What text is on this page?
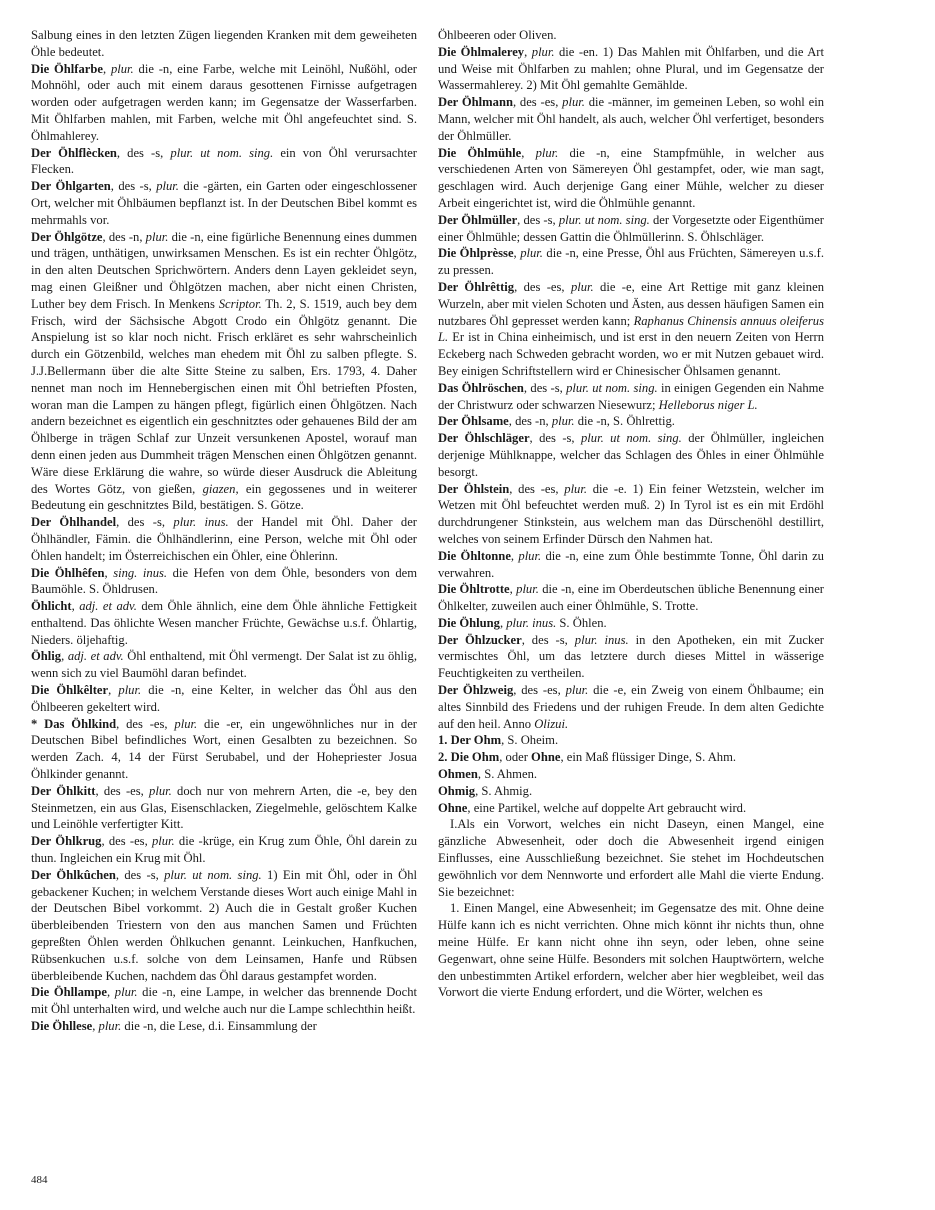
Salbung eines in den letzten Zügen liegenden Kranken mit dem geweiheten Öhle bedeutet.

Die Öhlfarbe, plur. die -n, eine Farbe, welche mit Leinöhl, Nußöhl, oder Mohnöhl, oder auch mit einem daraus gesottenen Firnisse aufgetragen worden oder aufgetragen werden kann; im Gegensatze der Wasserfarben. Mit Öhlfarben mahlen, mit Farben, welche mit Öhl angefeuchtet sind. S. Öhlmahlerey.

Der Öhlflècken, des -s, plur. ut nom. sing. ein von Öhl verursachter Flecken.

Der Öhlgarten, des -s, plur. die -gärten, ein Garten oder eingeschlossener Ort, welcher mit Öhlbäumen bepflanzt ist. In der Deutschen Bibel kommt es mehrmahls vor.

Der Öhlgötze, des -n, plur. die -n, eine figürliche Benennung eines dummen und trägen, unthätigen, unwirksamen Menschen. Es ist ein rechter Öhlgötz, in den alten Deutschen Sprichwörtern. Anders denn Layen gekleidet seyn, mag einen Gleißner und Öhlgötzen machen, aber nicht einen Christen, Luther bey dem Frisch. In Menkens Scriptor. Th. 2, S. 1519, auch bey dem Frisch, wird der Sächsische Abgott Crodo ein Öhlgötz genannt. Die Anspielung ist so klar noch nicht. Frisch erkläret es sehr wahrscheinlich durch ein Götzenbild, welches man ehedem mit Öhl zu salben pflegte. S. J.J.Bellermann über die alte Sitte Steine zu salben, Ers. 1793, 4. Daher nennet man noch im Hennebergischen einen mit Öhl betrieften Pfosten, woran man die Lampen zu hängen pflegt, figürlich einen Öhlgötzen. Nach andern bezeichnet es eigentlich ein geschnitztes oder gehauenes Bild der am Öhlberge in trägen Schlaf zur Unzeit versunkenen Apostel, worauf man denn einen jeden aus Dummheit trägen Menschen einen Öhlgötzen genannt. Wäre diese Erklärung die wahre, so würde dieser Ausdruck die Ableitung des Wortes Götz, von gießen, giazen, ein gegossenes und in weiterer Bedeutung ein geschnitztes Bild, bestätigen. S. Götze.

Der Öhlhandel, des -s, plur. inus. der Handel mit Öhl. Daher der Öhlhändler, Fämin. die Öhlhändlerinn, eine Person, welche mit Öhl oder Öhlen handelt; im Österreichischen ein Öhler, eine Öhlerinn.

Die Öhlhêfen, sing. inus. die Hefen von dem Öhle, besonders von dem Baumöhle. S. Öhldrusen.

Öhlicht, adj. et adv. dem Öhle ähnlich, eine dem Öhle ähnliche Fettigkeit enthaltend. Das öhlichte Wesen mancher Früchte, Gewächse u.s.f. Öhlartig, Nieders. öljehaftig.

Öhlig, adj. et adv. Öhl enthaltend, mit Öhl vermengt. Der Salat ist zu öhlig, wenn sich zu viel Baumöhl daran befindet.

Die Öhlkêlter, plur. die -n, eine Kelter, in welcher das Öhl aus den Öhlbeeren gekeltert wird.

* Das Öhlkind, des -es, plur. die -er, ein ungewöhnliches nur in der Deutschen Bibel befindliches Wort, einen Gesalbten zu bezeichnen. So werden Zach. 4, 14 der Fürst Serubabel, und der Hohepriester Josua Öhlkinder genannt.

Der Öhlkitt, des -es, plur. doch nur von mehrern Arten, die -e, bey den Steinmetzen, ein aus Glas, Eisenschlacken, Ziegelmehle, gelöschtem Kalke und Leinöhle verfertigter Kitt.

Der Öhlkrug, des -es, plur. die -krüge, ein Krug zum Öhle, Öhl darein zu thun. Ingleichen ein Krug mit Öhl.

Der Öhlkûchen, des -s, plur. ut nom. sing. 1) Ein mit Öhl, oder in Öhl gebackener Kuchen; in welchem Verstande dieses Wort auch einige Mahl in der Deutschen Bibel vorkommt. 2) Auch die in Gestalt großer Kuchen überbleibenden Triestern von den aus manchen Samen und Früchten gepreßten Öhlen werden Öhlkuchen genannt. Leinkuchen, Hanfkuchen, Rübsenkuchen u.s.f. solche von dem Leinsamen, Hanfe und Rübsen überbleibende Kuchen, nachdem das Öhl daraus gestampfet worden.

Die Öhllampe, plur. die -n, eine Lampe, in welcher das brennende Docht mit Öhl unterhalten wird, und welche auch nur die Lampe schlechthin heißt.

Die Öhllese, plur. die -n, die Lese, d.i. Einsammlung der

Öhlbeeren oder Oliven.

Die Öhlmalerey, plur. die -en. 1) Das Mahlen mit Öhlfarben, und die Art und Weise mit Öhlfarben zu mahlen; ohne Plural, und im Gegensatze der Wassermahlerey. 2) Mit Öhl gemahlte Gemählde.

Der Öhlmann, des -es, plur. die -männer, im gemeinen Leben, so wohl ein Mann, welcher mit Öhl handelt, als auch, welcher Öhl verfertiget, besonders der Öhlmüller.

Die Öhlmühle, plur. die -n, eine Stampfmühle, in welcher aus verschiedenen Arten von Sämereyen Öhl gestampfet, oder, wie man sagt, geschlagen wird. Auch derjenige Gang einer Mühle, welcher zu dieser Arbeit eingerichtet ist, wird die Öhlmühle genannt.

Der Öhlmüller, des -s, plur. ut nom. sing. der Vorgesetzte oder Eigenthümer einer Öhlmühle; dessen Gattin die Öhlmüllerinn. S. Öhlschläger.

Die Öhlprèsse, plur. die -n, eine Presse, Öhl aus Früchten, Sämereyen u.s.f. zu pressen.

Der Öhlrêttig, des -es, plur. die -e, eine Art Rettige mit ganz kleinen Wurzeln, aber mit vielen Schoten und Ästen, aus dessen häufigen Samen ein nutzbares Öhl gepresset werden kann; Raphanus Chinensis annuus oleiferus L. Er ist in China einheimisch, und ist erst in den neuern Zeiten von Herrn Eckeberg nach Schweden gebracht worden, wo er mit Nutzen gebauet wird. Bey einigen Schriftstellern wird er Chinesischer Öhlsamen genannt.

Das Öhlröschen, des -s, plur. ut nom. sing. in einigen Gegenden ein Nahme der Christwurz oder schwarzen Niesewurz; Helleborus niger L.

Der Öhlsame, des -n, plur. die -n, S. Öhlrettig.

Der Öhlschläger, des -s, plur. ut nom. sing. der Öhlmüller, ingleichen derjenige Mühlknappe, welcher das Schlagen des Öhles in einer Öhlmühle besorgt.

Der Öhlstein, des -es, plur. die -e. 1) Ein feiner Wetzstein, welcher im Wetzen mit Öhl befeuchtet werden muß. 2) In Tyrol ist es ein mit Erdöhl durchdrungener Stinkstein, aus welchem man das Dürschenöhl destillirt, welches von seinem Erfinder Dürsch den Nahmen hat.

Die Öhltonne, plur. die -n, eine zum Öhle bestimmte Tonne, Öhl darin zu verwahren.

Die Öhltrotte, plur. die -n, eine im Oberdeutschen übliche Benennung einer Öhlkelter, zuweilen auch einer Öhlmühle, S. Trotte.

Die Öhlung, plur. inus. S. Öhlen.

Der Öhlzucker, des -s, plur. inus. in den Apotheken, ein mit Zucker vermischtes Öhl, um das letztere durch dieses Mittel in wässerige Feuchtigkeiten zu vertheilen.

Der Öhlzweig, des -es, plur. die -e, ein Zweig von einem Öhlbaume; ein altes Sinnbild des Friedens und der ruhigen Freude. In dem alten Gedichte auf den heil. Anno Olizui.

1. Der Ohm, S. Oheim.

2. Die Ohm, oder Ohne, ein Maß flüssiger Dinge, S. Ahm.

Ohmen, S. Ahmen.

Ohmig, S. Ahmig.

Ohne, eine Partikel, welche auf doppelte Art gebraucht wird.

I.Als ein Vorwort, welches ein nicht Daseyn, einen Mangel, eine gänzliche Abwesenheit, oder doch die Abwesenheit irgend einigen Einflusses, eine Ausschließung bezeichnet. Sie stehet im Hochdeutschen gewöhnlich vor dem Nennworte und erfordert alle Mahl die vierte Endung. Sie bezeichnet:

1. Einen Mangel, eine Abwesenheit; im Gegensatze des mit. Ohne deine Hülfe kann ich es nicht verrichten. Ohne mich könnt ihr nichts thun, ohne meine Hülfe. Er kann nicht ohne ihn seyn, oder leben, ohne seine Gegenwart, ohne seine Hülfe. Besonders mit solchen Hauptwörtern, welche den unbestimmten Artikel erfordern, welcher aber hier wegbleibet, weil das Vorwort die vierte Endung erfordert, und die Wörter, welchen es

484
